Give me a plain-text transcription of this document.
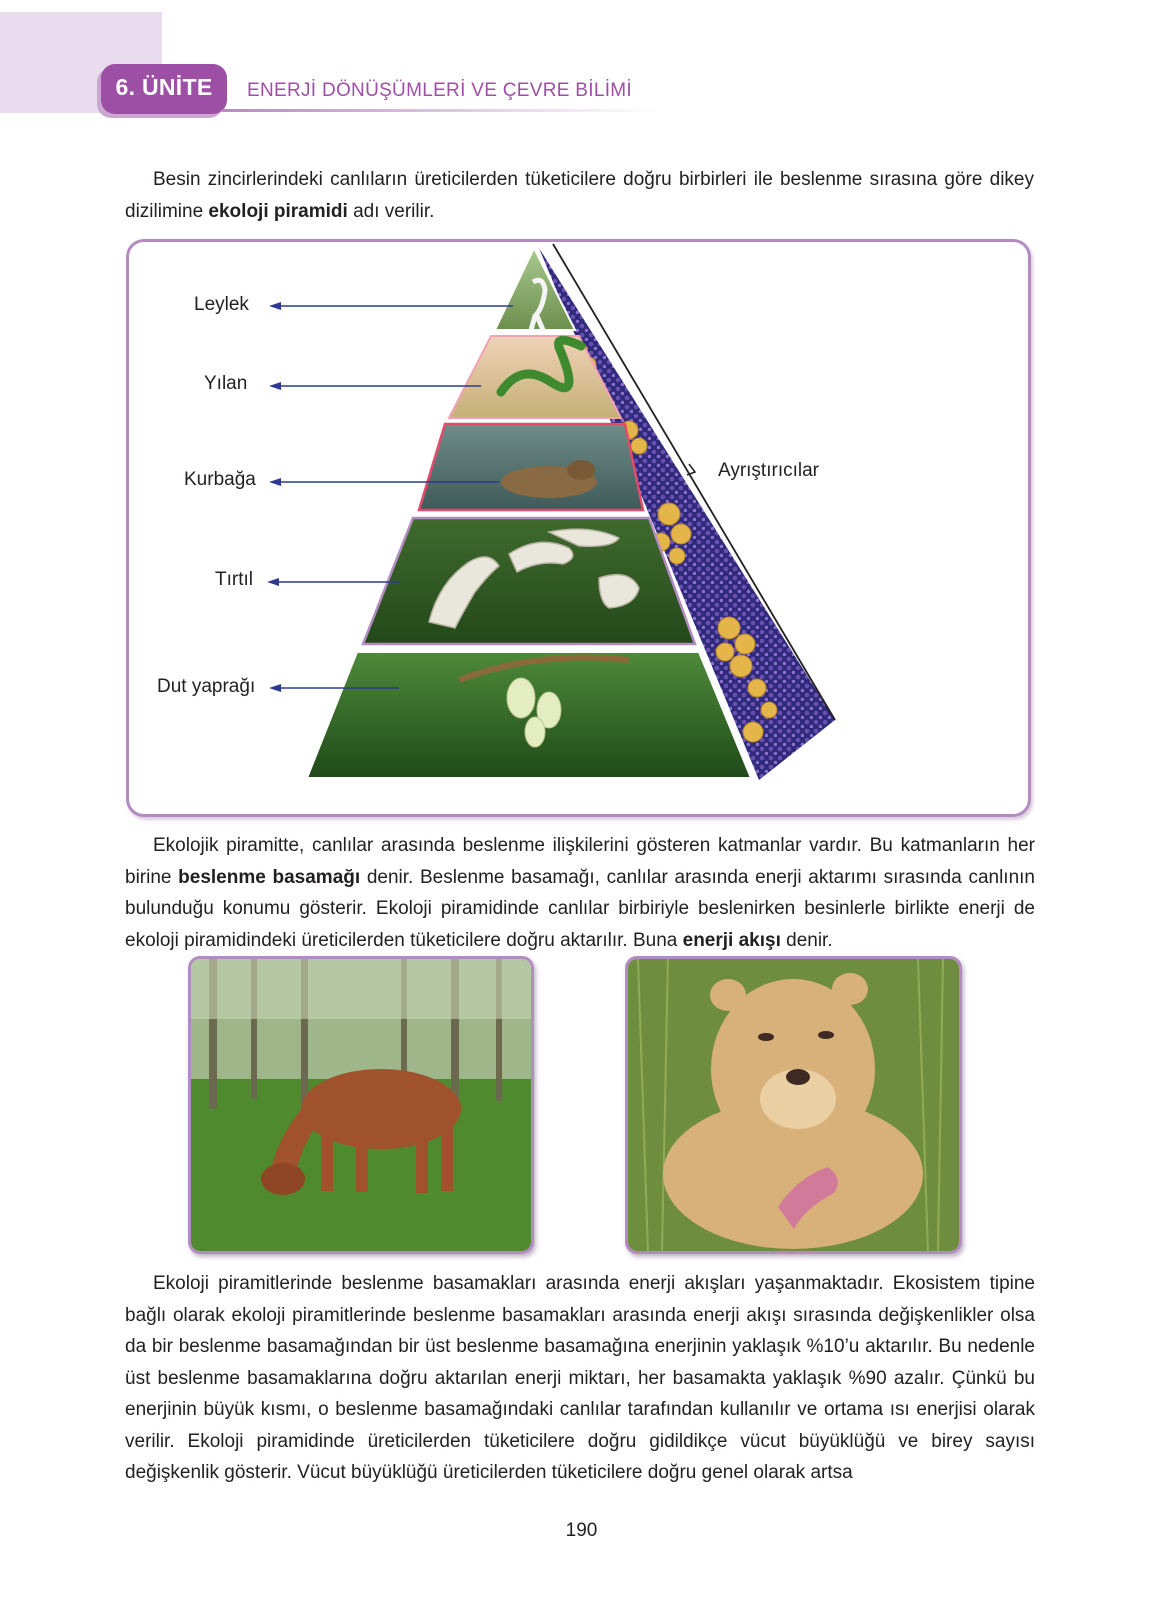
6. ÜNİTE	ENERJİ DÖNÜŞÜMLERİ VE ÇEVRE BİLİMİ

Besin zincirlerindeki canlıların üreticilerden tüketicilere doğru birbirleri ile beslenme sırasına göre dikey dizilimine ekoloji piramidi adı verilir.

Leylek
Yılan
Kurbağa
Tırtıl
Dut yaprağı
Ayrıştırıcılar

Ekolojik piramitte, canlılar arasında beslenme ilişkilerini gösteren katmanlar vardır. Bu katmanların her birine beslenme basamağı denir. Beslenme basamağı, canlılar arasında enerji aktarımı sırasında canlının bulunduğu konumu gösterir. Ekoloji piramidinde canlılar birbiriyle beslenirken besinlerle birlikte enerji de ekoloji piramidindeki üreticilerden tüketicilere doğru aktarılır. Buna enerji akışı denir.

Ekoloji piramitlerinde beslenme basamakları arasında enerji akışları yaşanmaktadır. Ekosistem tipine bağlı olarak ekoloji piramitlerinde beslenme basamakları arasında enerji akışı sırasında değişkenlikler olsa da bir beslenme basamağından bir üst beslenme basamağına enerjinin yaklaşık %10’u aktarılır. Bu nedenle üst beslenme basamaklarına doğru aktarılan enerji miktarı, her basamakta yaklaşık %90 azalır. Çünkü bu enerjinin büyük kısmı, o beslenme basamağındaki canlılar tarafından kullanılır ve ortama ısı enerjisi olarak verilir. Ekoloji piramidinde üreticilerden tüketicilere doğru gidildikçe vücut büyüklüğü ve birey sayısı değişkenlik gösterir. Vücut büyüklüğü üreticilerden tüketicilere doğru genel olarak artsa

190
